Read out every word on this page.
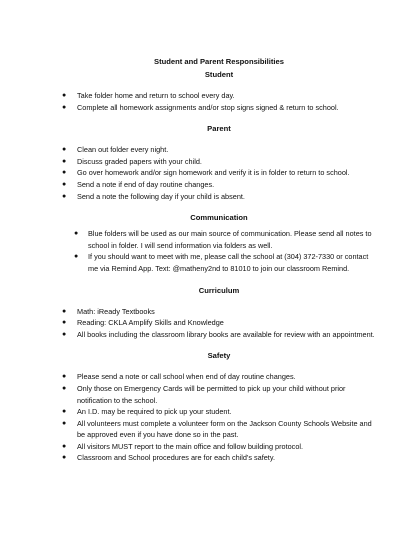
Student and Parent Responsibilities

Student

● Take folder home and return to school every day.
● Complete all homework assignments and/or stop signs signed & return to school.

Parent

● Clean out folder every night.
● Discuss graded papers with your child.
● Go over homework and/or sign homework and verify it is in folder to return to school.
● Send a note if end of day routine changes.
● Send a note the following day if your child is absent.

Communication

● Blue folders will be used as our main source of communication. Please send all notes to school in folder. I will send information via folders as well.
● If you should want to meet with me, please call the school at (304) 372-7330 or contact me via Remind App. Text: @matheny2nd to 81010 to join our classroom Remind.

Curriculum

● Math: iReady Textbooks
● Reading: CKLA Amplify Skills and Knowledge
● All books including the classroom library books are available for review with an appointment.

Safety

● Please send a note or call school when end of day routine changes.
● Only those on Emergency Cards will be permitted to pick up your child without prior notification to the school.
● An I.D. may be required to pick up your student.
● All volunteers must complete a volunteer form on the Jackson County Schools Website and be approved even if you have done so in the past.
● All visitors MUST report to the main office and follow building protocol.
● Classroom and School procedures are for each child's safety.
